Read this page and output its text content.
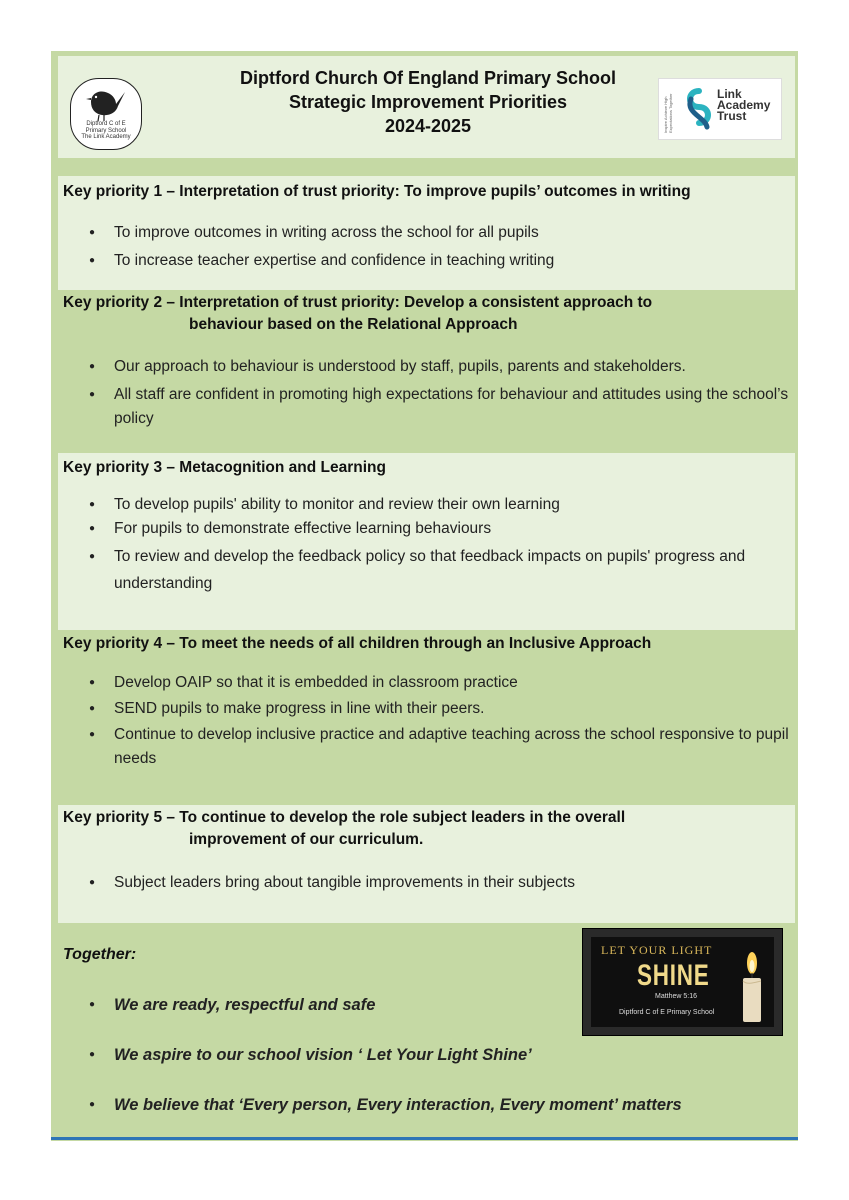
Diptford C of E
Primary School
The Link Academy
Diptford Church Of England Primary School
Strategic Improvement Priorities
2024-2025	Inspire Achieve High Expectations Together	Link
Academy
Trust
Key priority 1 – Interpretation of trust priority: To improve pupils’ outcomes in writing
● To improve outcomes in writing across the school for all pupils
● To increase teacher expertise and confidence in teaching writing
Key priority 2 – Interpretation of trust priority: Develop a consistent approach to
behaviour based on the Relational Approach
● Our approach to behaviour is understood by staff, pupils, parents and stakeholders.
● All staff are confident in promoting high expectations for behaviour and attitudes using the school’s policy
Key priority 3 – Metacognition and Learning
● To develop pupils' ability to monitor and review their own learning
● For pupils to demonstrate effective learning behaviours
● To review and develop the feedback policy so that feedback impacts on pupils' progress and understanding
Key priority 4 – To meet the needs of all children through an Inclusive Approach
● Develop OAIP so that it is embedded in classroom practice
● SEND pupils to make progress in line with their peers.
● Continue to develop inclusive practice and adaptive teaching across the school responsive to pupil needs
Key priority 5 – To continue to develop the role subject leaders in the overall
improvement of our curriculum.
● Subject leaders bring about tangible improvements in their subjects
Together:
● We are ready, respectful and safe
● We aspire to our school vision ‘ Let Your Light Shine’
● We believe that ‘Every person, Every interaction, Every moment’ matters
LET YOUR LIGHT
SHINE
Matthew 5:16
Diptford C of E Primary School
